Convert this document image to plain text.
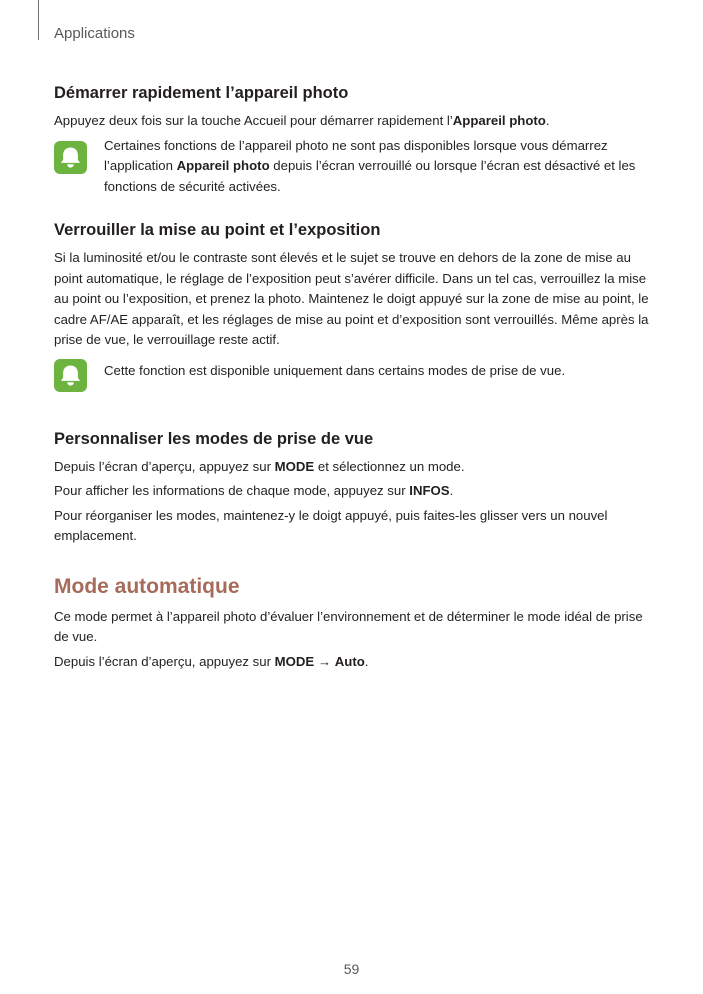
Applications
Démarrer rapidement l’appareil photo

Appuyez deux fois sur la touche Accueil pour démarrer rapidement l’Appareil photo.

Certaines fonctions de l’appareil photo ne sont pas disponibles lorsque vous démarrez l’application Appareil photo depuis l’écran verrouillé ou lorsque l’écran est désactivé et les fonctions de sécurité activées.
Verrouiller la mise au point et l’exposition

Si la luminosité et/ou le contraste sont élevés et le sujet se trouve en dehors de la zone de mise au point automatique, le réglage de l’exposition peut s’avérer difficile. Dans un tel cas, verrouillez la mise au point ou l’exposition, et prenez la photo. Maintenez le doigt appuyé sur la zone de mise au point, le cadre AF/AE apparaît, et les réglages de mise au point et d’exposition sont verrouillés. Même après la prise de vue, le verrouillage reste actif.

Cette fonction est disponible uniquement dans certains modes de prise de vue.
Personnaliser les modes de prise de vue

Depuis l’écran d’aperçu, appuyez sur MODE et sélectionnez un mode.

Pour afficher les informations de chaque mode, appuyez sur INFOS.

Pour réorganiser les modes, maintenez-y le doigt appuyé, puis faites-les glisser vers un nouvel emplacement.

Mode automatique

Ce mode permet à l’appareil photo d’évaluer l’environnement et de déterminer le mode idéal de prise de vue.

Depuis l’écran d’aperçu, appuyez sur MODE → Auto.

59
